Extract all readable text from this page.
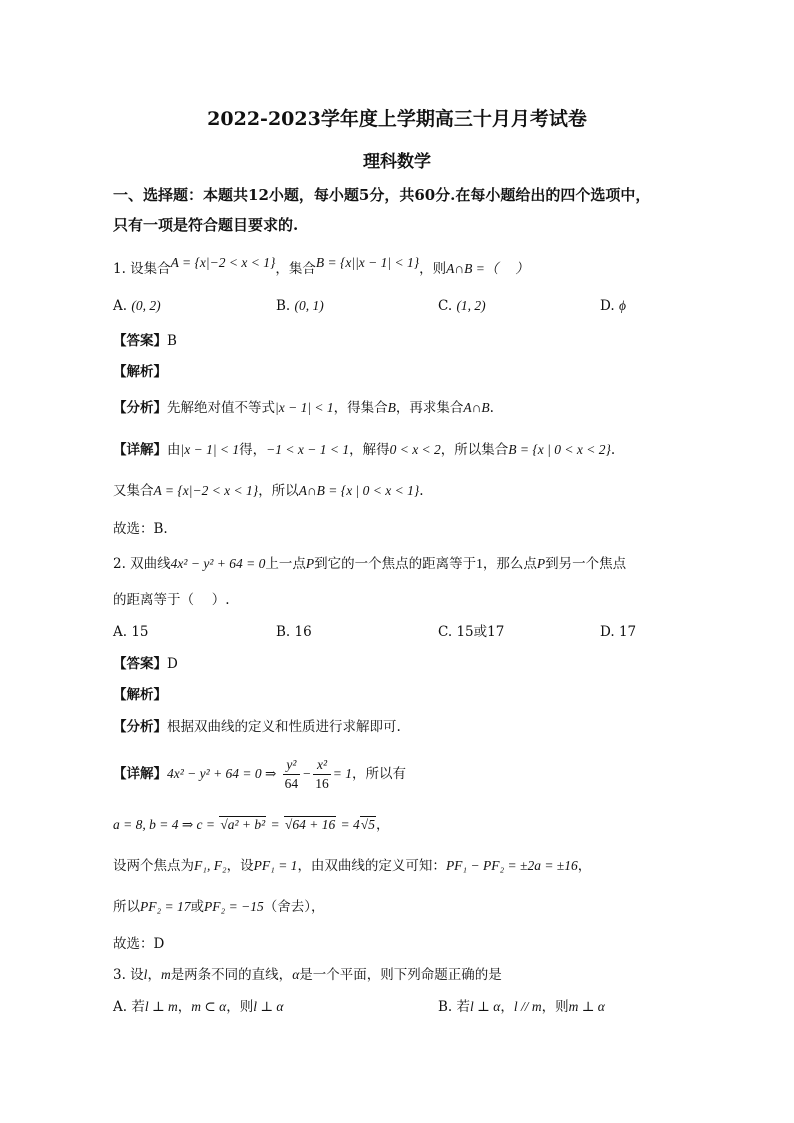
2022-2023学年度上学期高三十月月考试卷
理科数学
一、选择题：本题共12小题，每小题5分，共60分.在每小题给出的四个选项中，
只有一项是符合题目要求的.
1. 设集合A = {x|−2 < x < 1}，集合B = {x||x − 1| < 1}，则A∩B =（　 ）
A. (0, 2)	B. (0, 1)	C. (1, 2)	D. ϕ
【答案】B
【解析】
【分析】先解绝对值不等式|x − 1| < 1，得集合B，再求集合A∩B.
【详解】由|x − 1| < 1得，−1 < x − 1 < 1，解得0 < x < 2，所以集合B = {x | 0 < x < 2}.
又集合A = {x|−2 < x < 1}，所以A∩B = {x | 0 < x < 1}.
故选：B.
2. 双曲线4x² − y² + 64 = 0上一点P到它的一个焦点的距离等于1，那么点P到另一个焦点
的距离等于（　 ）.
A. 15	B. 16	C. 15或17	D. 17
【答案】D
【解析】
【分析】根据双曲线的定义和性质进行求解即可.
【详解】4x² − y² + 64 = 0 ⇒ $\frac{\text{y²}}{64} - \frac{\text{x²}}{16} = 1$，所以有
a = 8, b = 4 ⇒ c = √a² + b² = √64 + 16 = 4√5，
设两个焦点为F₁, F₂，设PF₁ = 1，由双曲线的定义可知：PF₁ − PF₂ = ±2a = ±16，
所以PF₂ = 17或PF₂ = −15（舍去），
故选：D
3. 设l，m是两条不同的直线，α是一个平面，则下列命题正确的是
A. 若l ⊥ m，m ⊂ α，则l ⊥ α	B. 若l ⊥ α，l // m，则m ⊥ α
